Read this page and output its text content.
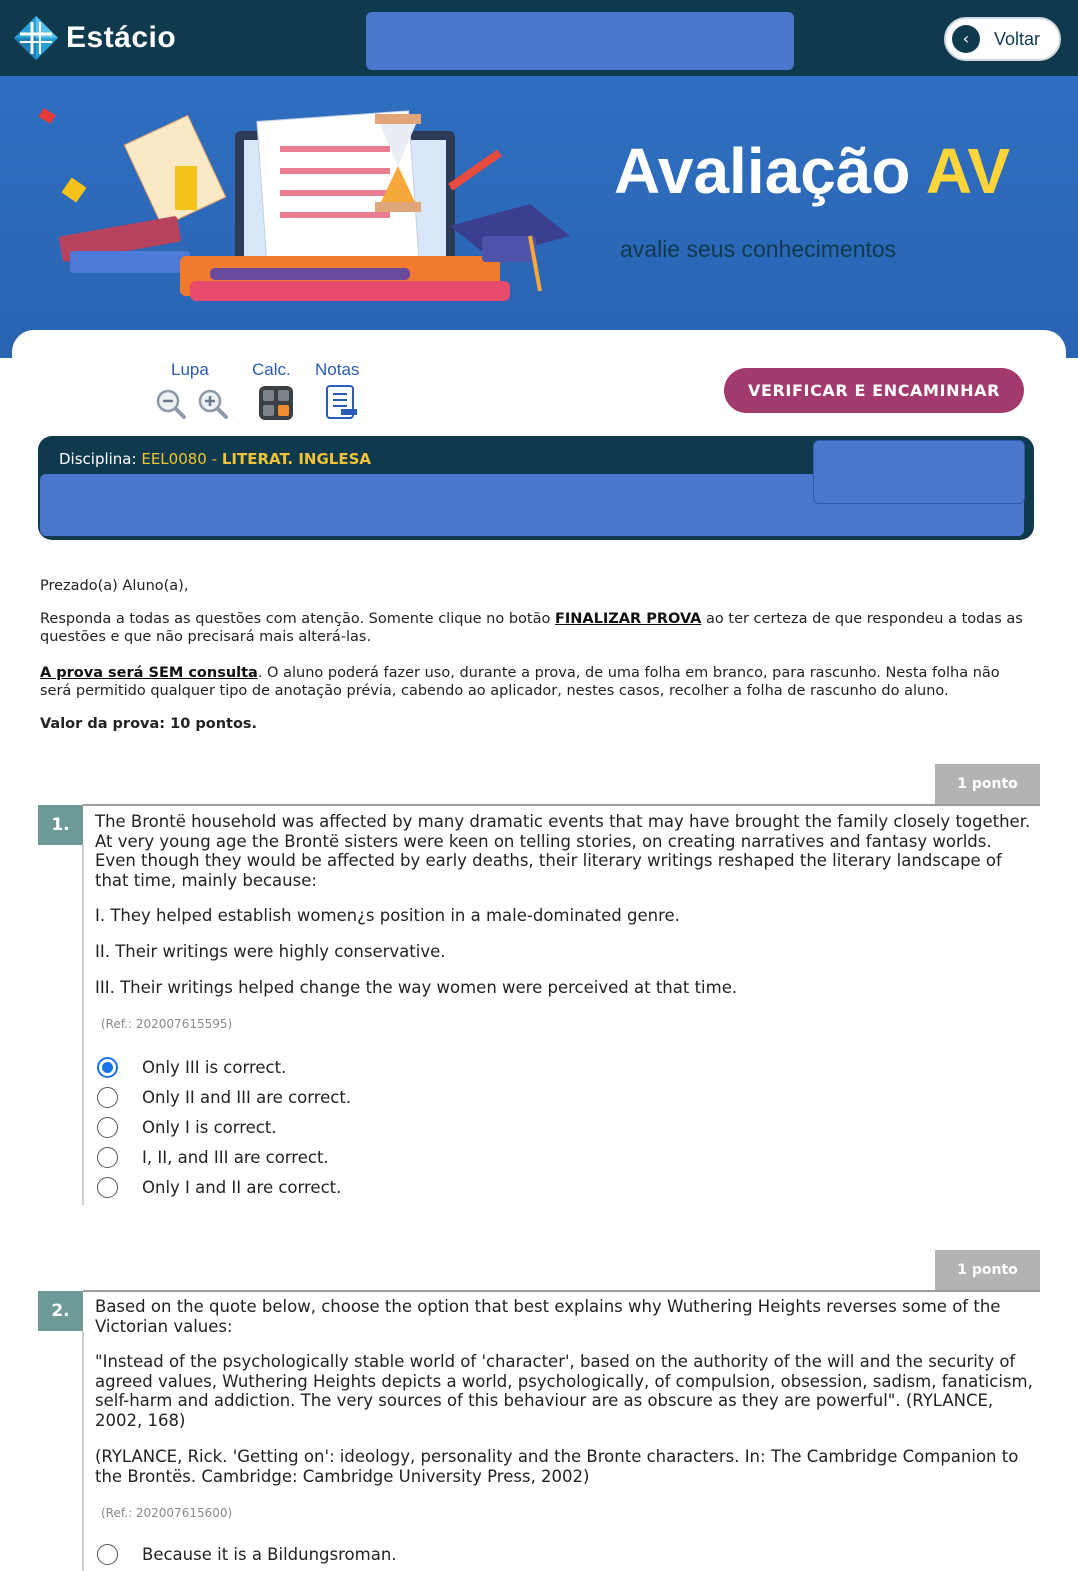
Estácio	‹	Voltar
Avaliação AV
avalie seus conhecimentos
Lupa	Calc. Notas
VERIFICAR E ENCAMINHAR
Disciplina: EEL0080 - LITERAT. INGLESA
Prezado(a) Aluno(a),
Responda a todas as questões com atenção. Somente clique no botão FINALIZAR PROVA ao ter certeza de que respondeu a todas as questões e que não precisará mais alterá-las.
A prova será SEM consulta. O aluno poderá fazer uso, durante a prova, de uma folha em branco, para rascunho. Nesta folha não será permitido qualquer tipo de anotação prévia, cabendo ao aplicador, nestes casos, recolher a folha de rascunho do aluno.
Valor da prova: 10 pontos.
1 ponto
1.	The Brontë household was affected by many dramatic events that may have brought the family closely together. At very young age the Brontë sisters were keen on telling stories, on creating narratives and fantasy worlds. Even though they would be affected by early deaths, their literary writings reshaped the literary landscape of that time, mainly because:
I. They helped establish women¿s position in a male-dominated genre.
II. Their writings were highly conservative.
III. Their writings helped change the way women were perceived at that time.
(Ref.: 202007615595)
Only III is correct.
Only II and III are correct.
Only I is correct.
I, II, and III are correct.
Only I and II are correct.
1 ponto
2.	Based on the quote below, choose the option that best explains why Wuthering Heights reverses some of the Victorian values:
"Instead of the psychologically stable world of 'character', based on the authority of the will and the security of agreed values, Wuthering Heights depicts a world, psychologically, of compulsion, obsession, sadism, fanaticism, self-harm and addiction. The very sources of this behaviour are as obscure as they are powerful". (RYLANCE, 2002, 168)
(RYLANCE, Rick. 'Getting on': ideology, personality and the Bronte characters. In: The Cambridge Companion to the Brontës. Cambridge: Cambridge University Press, 2002)
(Ref.: 202007615600)
Because it is a Bildungsroman.
